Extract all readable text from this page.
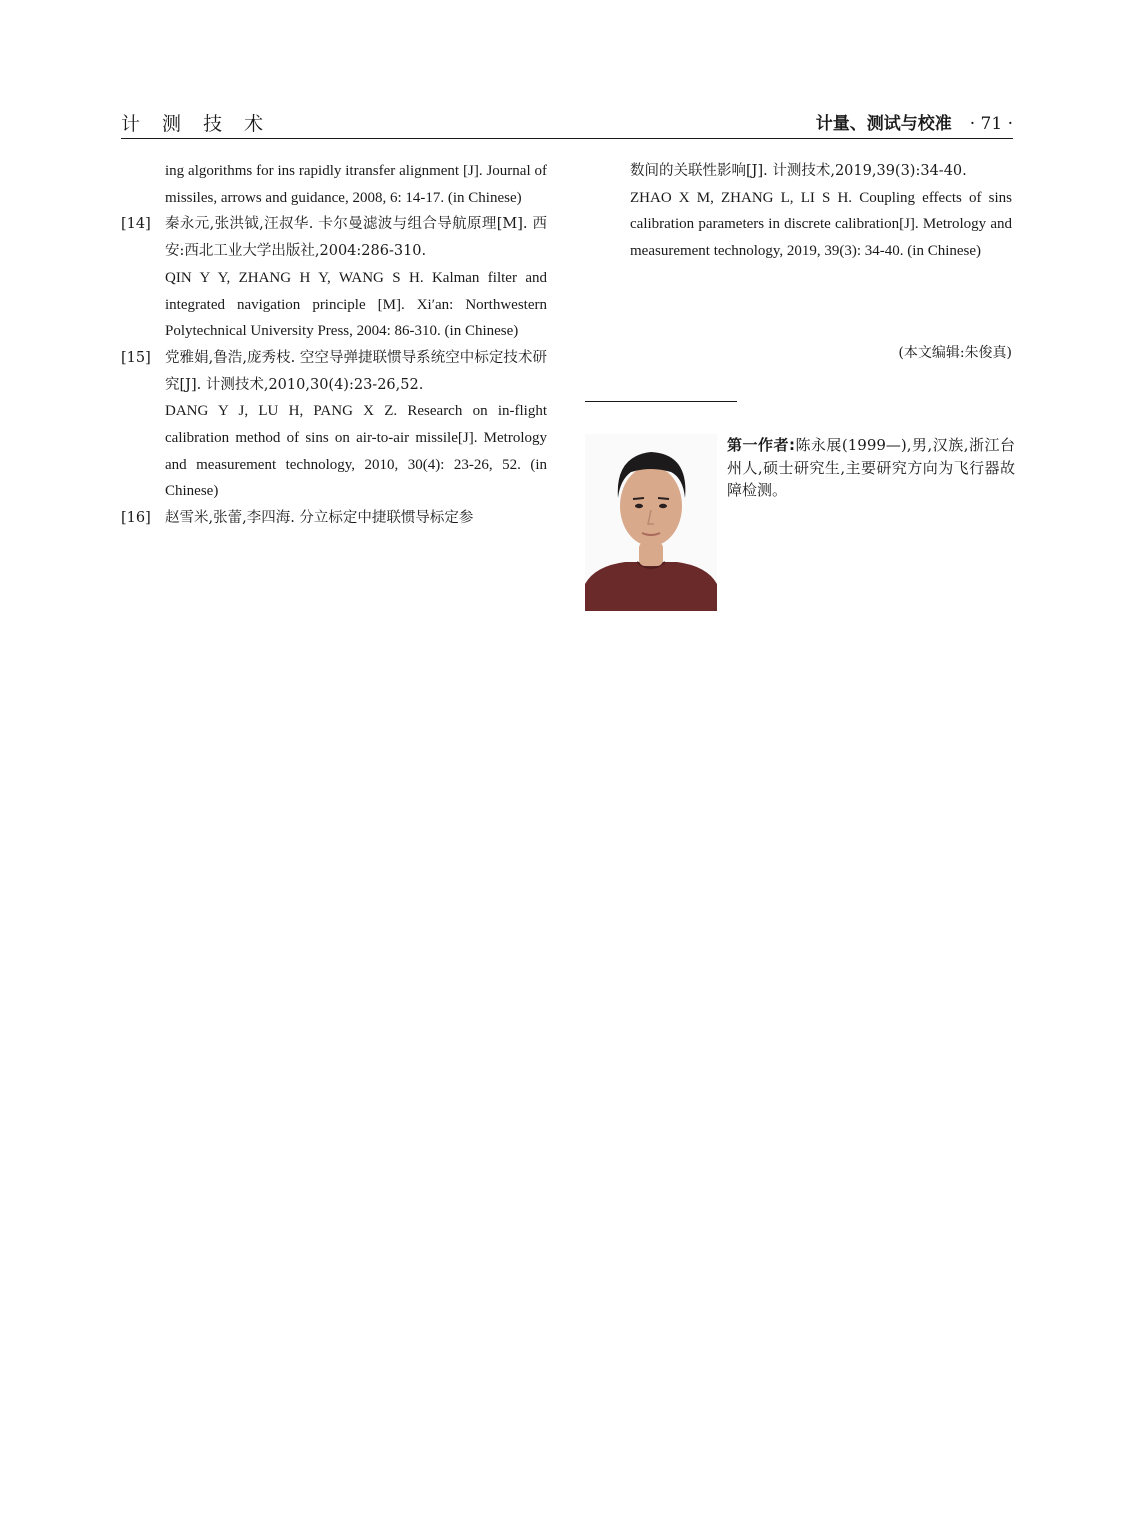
计 测 技 术	计量、测试与校准 · 71 ·
ing algorithms for ins rapidly itransfer alignment [J]. Journal of missiles, arrows and guidance, 2008, 6: 14-17. (in Chinese)
[14] 秦永元,张洪钺,汪叔华. 卡尔曼滤波与组合导航原理[M]. 西安:西北工业大学出版社,2004:286-310.
QIN Y Y, ZHANG H Y, WANG S H. Kalman filter and integrated navigation principle [M]. Xi′an: Northwestern Polytechnical University Press, 2004: 86-310. (in Chinese)
[15] 党雅娟,鲁浩,庞秀枝. 空空导弹捷联惯导系统空中标定技术研究[J]. 计测技术,2010,30(4):23-26,52.
DANG Y J, LU H, PANG X Z. Research on in-flight calibration method of sins on air-to-air missile[J]. Metrology and measurement technology, 2010, 30(4): 23-26, 52. (in Chinese)
[16] 赵雪米,张蕾,李四海. 分立标定中捷联惯导标定参
数间的关联性影响[J]. 计测技术,2019,39(3):34-40.
ZHAO X M, ZHANG L, LI S H. Coupling effects of sins calibration parameters in discrete calibration[J]. Metrology and measurement technology, 2019, 39(3): 34-40. (in Chinese)
(本文编辑:朱俊真)
第一作者:陈永展(1999—),男,汉族,浙江台州人,硕士研究生,主要研究方向为飞行器故障检测。
